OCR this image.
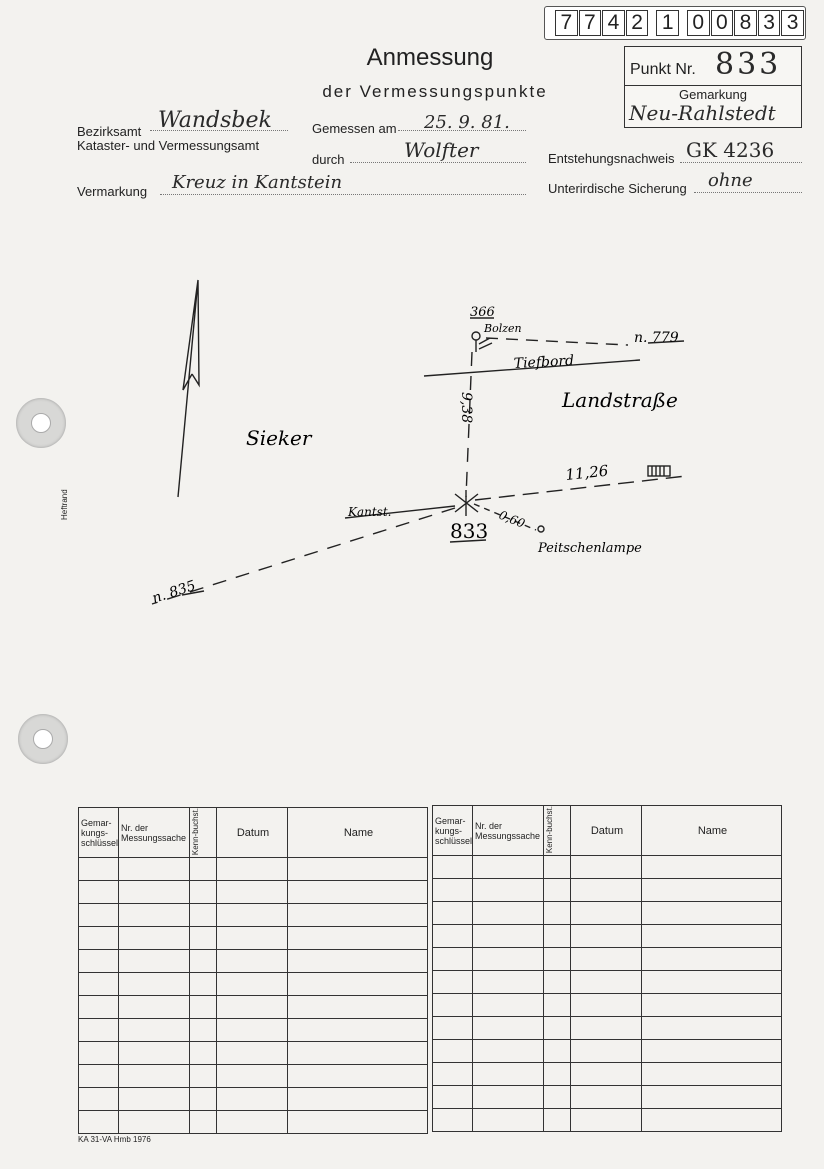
7 7 4 2 1 0 0 8 3 3
Anmessung
der Vermessungspunkte
Punkt Nr. 833
Gemarkung
Neu-Rahlstedt
Bezirksamt Wandsbek
Kataster- und Vermessungsamt
Gemessen am 25. 9. 81.
durch	Wolfter	Entstehungsnachweis GK 4236
Vermarkung Kreuz in Kantstein	Unterirdische Sicherung ohne
366
Bolzen
n. 779
Tiefbord
Landstraße
9,38
Sieker
11,26
Kantst.	0,60
833
Peitschenlampe
n. 835
Heftrand
Gemar-kungs-schlüssel	Nr. der Messungssache	Kenn-buchst.	Datum	Name

Gemar-kungs-schlüssel	Nr. der Messungssache	Kenn-buchst.	Datum	Name

KA 31-VA Hmb 1976
